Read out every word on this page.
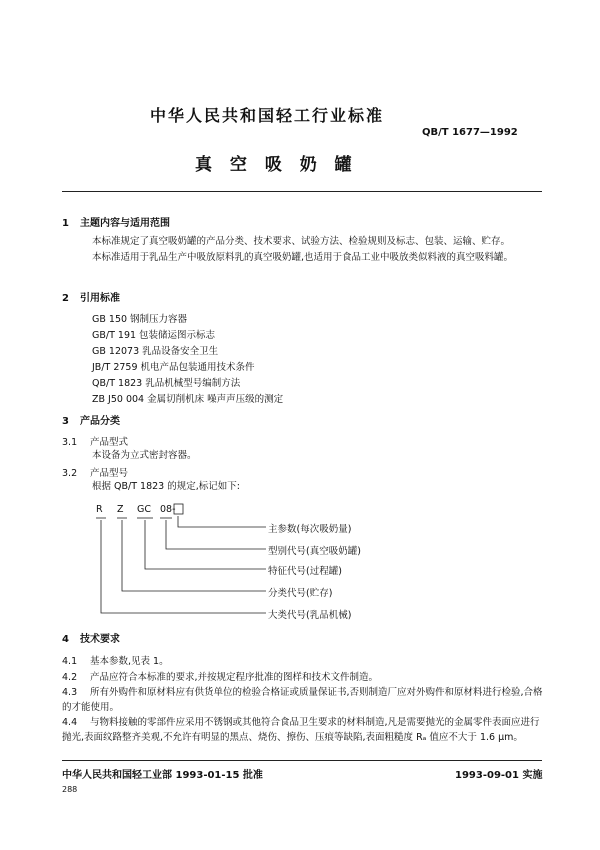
中华人民共和国轻工行业标准
QB/T 1677—1992
真 空 吸 奶 罐
1 主题内容与适用范围
本标准规定了真空吸奶罐的产品分类、技术要求、试验方法、检验规则及标志、包装、运输、贮存。
本标准适用于乳品生产中吸放原料乳的真空吸奶罐,也适用于食品工业中吸放类似料液的真空吸料罐。
2 引用标准
GB 150 钢制压力容器
GB/T 191 包装储运图示标志
GB 12073 乳品设备安全卫生
JB/T 2759 机电产品包装通用技术条件
QB/T 1823 乳品机械型号编制方法
ZB J50 004 金属切削机床 噪声声压级的测定
3 产品分类
3.1 产品型式
本设备为立式密封容器。
3.2 产品型号
根据 QB/T 1823 的规定,标记如下:
R Z GC 08-
主参数(每次吸奶量)
型别代号(真空吸奶罐)
特征代号(过程罐)
分类代号(贮存)
大类代号(乳品机械)
4 技术要求
4.1 基本参数,见表 1。
4.2 产品应符合本标准的要求,并按规定程序批准的图样和技术文件制造。
4.3 所有外购件和原材料应有供货单位的检验合格证或质量保证书,否则制造厂应对外购件和原材料进行检验,合格的才能使用。
4.4 与物料接触的零部件应采用不锈钢或其他符合食品卫生要求的材料制造,凡是需要抛光的金属零件表面应进行抛光,表面纹路整齐美观,不允许有明显的黑点、烧伤、擦伤、压痕等缺陷,表面粗糙度 Rₐ 值应不大于 1.6 μm。
中华人民共和国轻工业部 1993-01-15 批准	1993-09-01 实施
288
